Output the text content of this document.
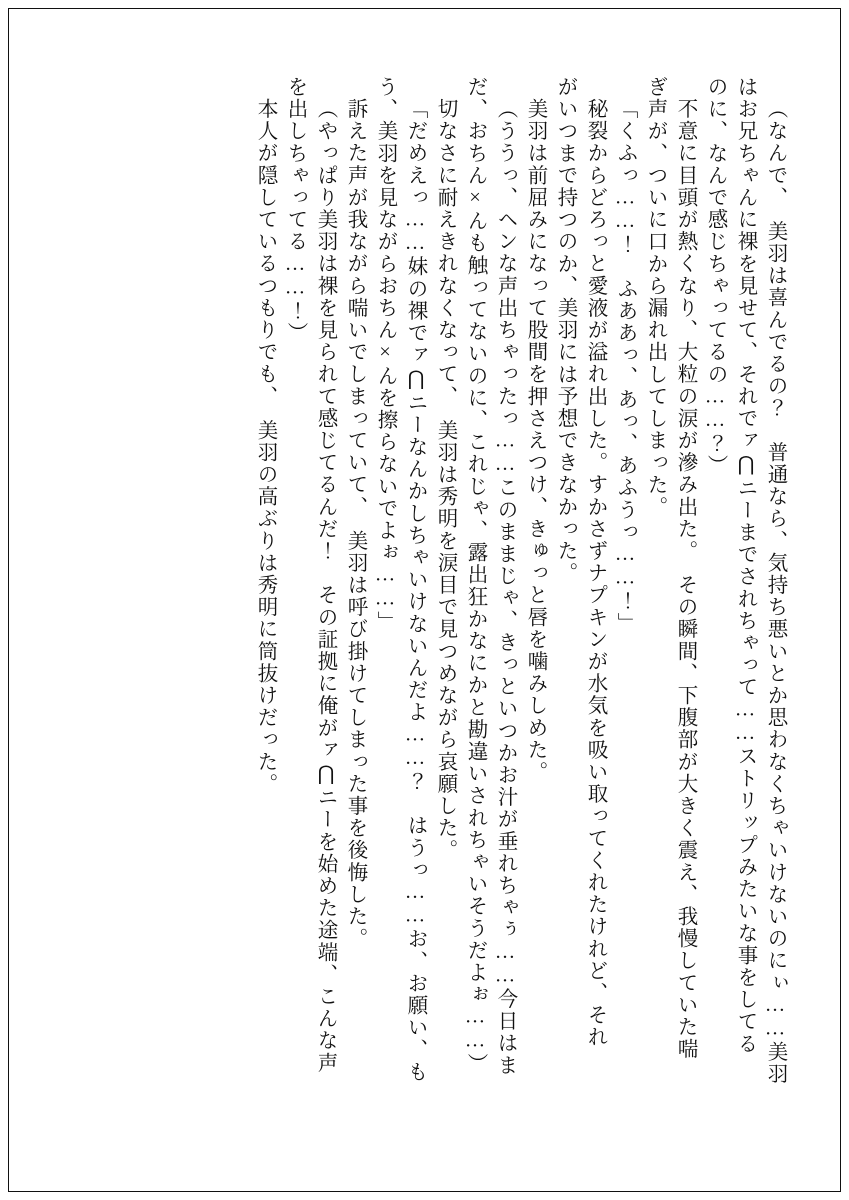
（なんで、　美羽は喜んでるの？　普通なら、気持ち悪いとか思わなくちゃいけないのにぃ……美羽
はお兄ちゃんに裸を見せて、それでァ⋂ニーまでされちゃって……ストリップみたいな事をしてる
のに、なんで感じちゃってるの……？）
不意に目頭が熱くなり、大粒の涙が滲み出た。　その瞬間、下腹部が大きく震え、我慢していた喘
ぎ声が、ついに口から漏れ出してしまった。
「くふっ……！　ふああっ、あっ、あふうっ……！」
秘裂からどろっと愛液が溢れ出した。すかさずナプキンが水気を吸い取ってくれたけれど、それ
がいつまで持つのか、美羽には予想できなかった。
美羽は前屈みになって股間を押さえつけ、きゅっと唇を噛みしめた。
（ううっ、ヘンな声出ちゃったっ……このままじゃ、きっといつかお汁が垂れちゃぅ……今日はま
だ、おちん×んも触ってないのに、これじゃ、露出狂かなにかと勘違いされちゃいそうだよぉ……）
切なさに耐えきれなくなって、　美羽は秀明を涙目で見つめながら哀願した。
「だめえっ……妹の裸でァ⋂ニーなんかしちゃいけないんだよ……？　はうっ……お、お願い、も
う、美羽を見ながらおちん×んを擦らないでよぉ……」
訴えた声が我ながら喘いでしまっていて、　美羽は呼び掛けてしまった事を後悔した。
（やっぱり美羽は裸を見られて感じてるんだ！　その証拠に俺がァ⋂ニーを始めた途端、こんな声
を出しちゃってる……！）
本人が隠しているつもりでも、　美羽の高ぶりは秀明に筒抜けだった。
